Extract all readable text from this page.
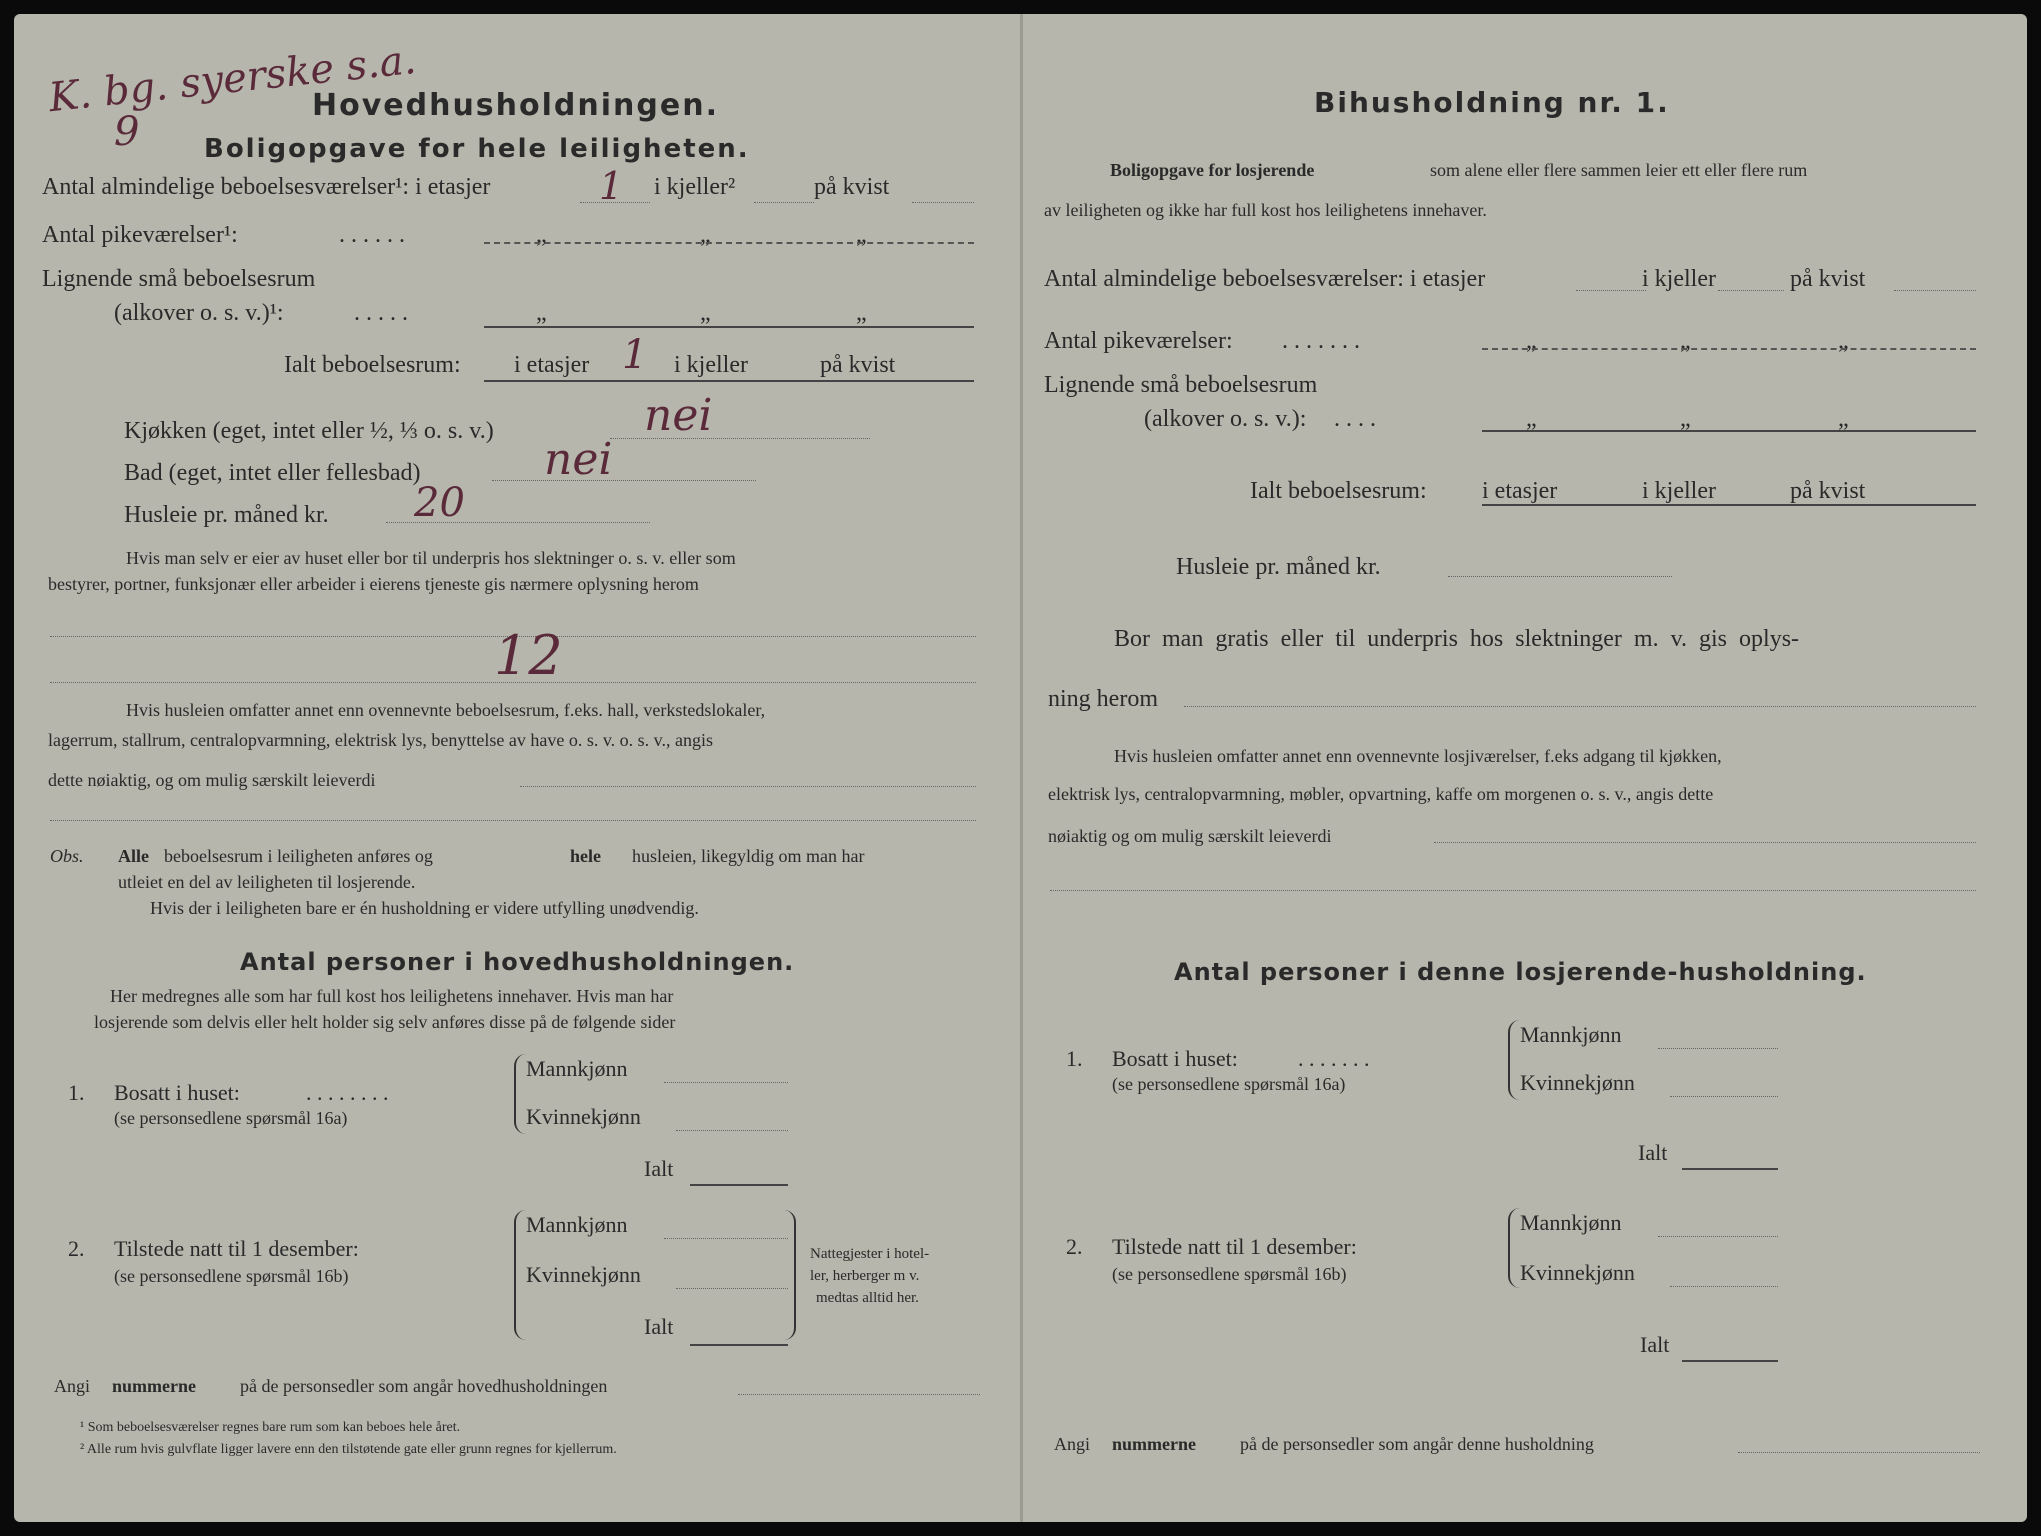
K. bg. syerske s.a.
9
Hovedhusholdningen.
Boligopgave for hele leiligheten.
Antal almindelige beboelsesværelser¹: i etasjer	1 i kjeller²	på kvist
Antal pikeværelser¹:	. . . . . .	„	„	„
Lignende små beboelsesrum
(alkover o. s. v.)¹:	. . . . .	„	„	„
Ialt beboelsesrum: i etasjer 1 i kjeller	på kvist
Kjøkken (eget, intet eller ½, ⅓ o. s. v.)	nei
Bad (eget, intet eller fellesbad)	nei
Husleie pr. måned kr. 20
Hvis man selv er eier av huset eller bor til underpris hos slektninger o. s. v. eller som
bestyrer, portner, funksjonær eller arbeider i eierens tjeneste gis nærmere oplysning herom
12
Hvis husleien omfatter annet enn ovennevnte beboelsesrum, f.eks. hall, verkstedslokaler,
lagerrum, stallrum, centralopvarmning, elektrisk lys, benyttelse av have o. s. v. o. s. v., angis
dette nøiaktig, og om mulig særskilt leieverdi
Obs. Alle beboelsesrum i leiligheten anføres og	hele husleien, likegyldig om man har
utleiet en del av leiligheten til losjerende.
Hvis der i leiligheten bare er én husholdning er videre utfylling unødvendig.
Antal personer i hovedhusholdningen.
Her medregnes alle som har full kost hos leilighetens innehaver. Hvis man har
losjerende som delvis eller helt holder sig selv anføres disse på de følgende sider
1. Bosatt i huset:	. . . . . . . .
(se personsedlene spørsmål 16a)
Mannkjønn
Kvinnekjønn
Ialt
2. Tilstede natt til 1 desember:
(se personsedlene spørsmål 16b)
Mannkjønn
Kvinnekjønn
Ialt
Nattegjester i hotel-
ler, herberger m v.
medtas alltid her.
Angi nummerne på de personsedler som angår hovedhusholdningen
¹ Som beboelsesværelser regnes bare rum som kan beboes hele året.
² Alle rum hvis gulvflate ligger lavere enn den tilstøtende gate eller grunn regnes for kjellerrum.
Bihusholdning nr. 1.
Boligopgave for losjerende	som alene eller flere sammen leier ett eller flere rum
av leiligheten og ikke har full kost hos leilighetens innehaver.
Antal almindelige beboelsesværelser: i etasjer	i kjeller	på kvist
Antal pikeværelser: . . . . . . .	„	„	„
Lignende små beboelsesrum
(alkover o. s. v.): . . . .	„	„	„
Ialt beboelsesrum: i etasjer	i kjeller	på kvist
Husleie pr. måned kr.
Bor man gratis eller til underpris hos slektninger m. v. gis oplys-
ning herom
Hvis husleien omfatter annet enn ovennevnte losjiværelser, f.eks adgang til kjøkken,
elektrisk lys, centralopvarmning, møbler, opvartning, kaffe om morgenen o. s. v., angis dette
nøiaktig og om mulig særskilt leieverdi
Antal personer i denne losjerende-husholdning.
1. Bosatt i huset:	. . . . . . .
(se personsedlene spørsmål 16a)
Mannkjønn
Kvinnekjønn
Ialt
2. Tilstede natt til 1 desember:
(se personsedlene spørsmål 16b)
Mannkjønn
Kvinnekjønn
Ialt
Angi nummerne på de personsedler som angår denne husholdning
